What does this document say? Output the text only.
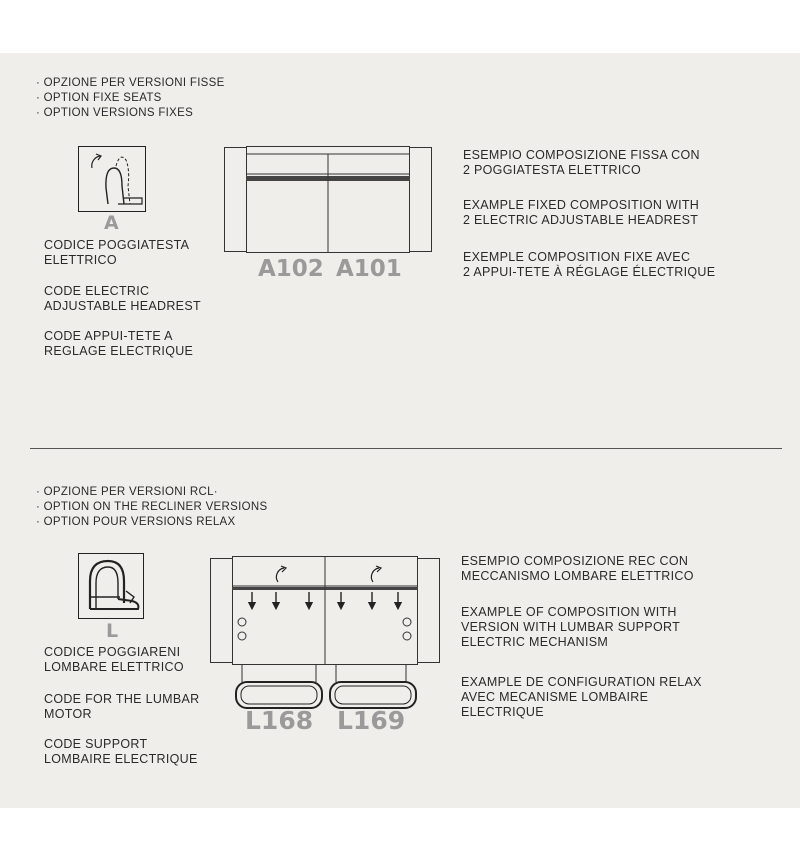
· OPZIONE PER VERSIONI FISSE
· OPTION FIXE SEATS
· OPTION VERSIONS FIXES
A
CODICE POGGIATESTA
ELETTRICO
CODE ELECTRIC
ADJUSTABLE HEADREST
CODE APPUI-TETE A
REGLAGE ELECTRIQUE
A102 A101
ESEMPIO COMPOSIZIONE FISSA CON
2 POGGIATESTA ELETTRICO
EXAMPLE FIXED COMPOSITION WITH
2 ELECTRIC ADJUSTABLE HEADREST
EXEMPLE COMPOSITION FIXE AVEC
2 APPUI-TETE À RÉGLAGE ÉLECTRIQUE
· OPZIONE PER VERSIONI RCL·
· OPTION ON THE RECLINER VERSIONS
· OPTION POUR VERSIONS RELAX
L
CODICE POGGIARENI
LOMBARE ELETTRICO
CODE FOR THE LUMBAR
MOTOR
CODE SUPPORT
LOMBAIRE ELECTRIQUE
L168 L169
ESEMPIO COMPOSIZIONE REC CON
MECCANISMO LOMBARE ELETTRICO
EXAMPLE OF COMPOSITION WITH
VERSION WITH LUMBAR SUPPORT
ELECTRIC MECHANISM
EXAMPLE DE CONFIGURATION RELAX
AVEC MECANISME LOMBAIRE
ELECTRIQUE
